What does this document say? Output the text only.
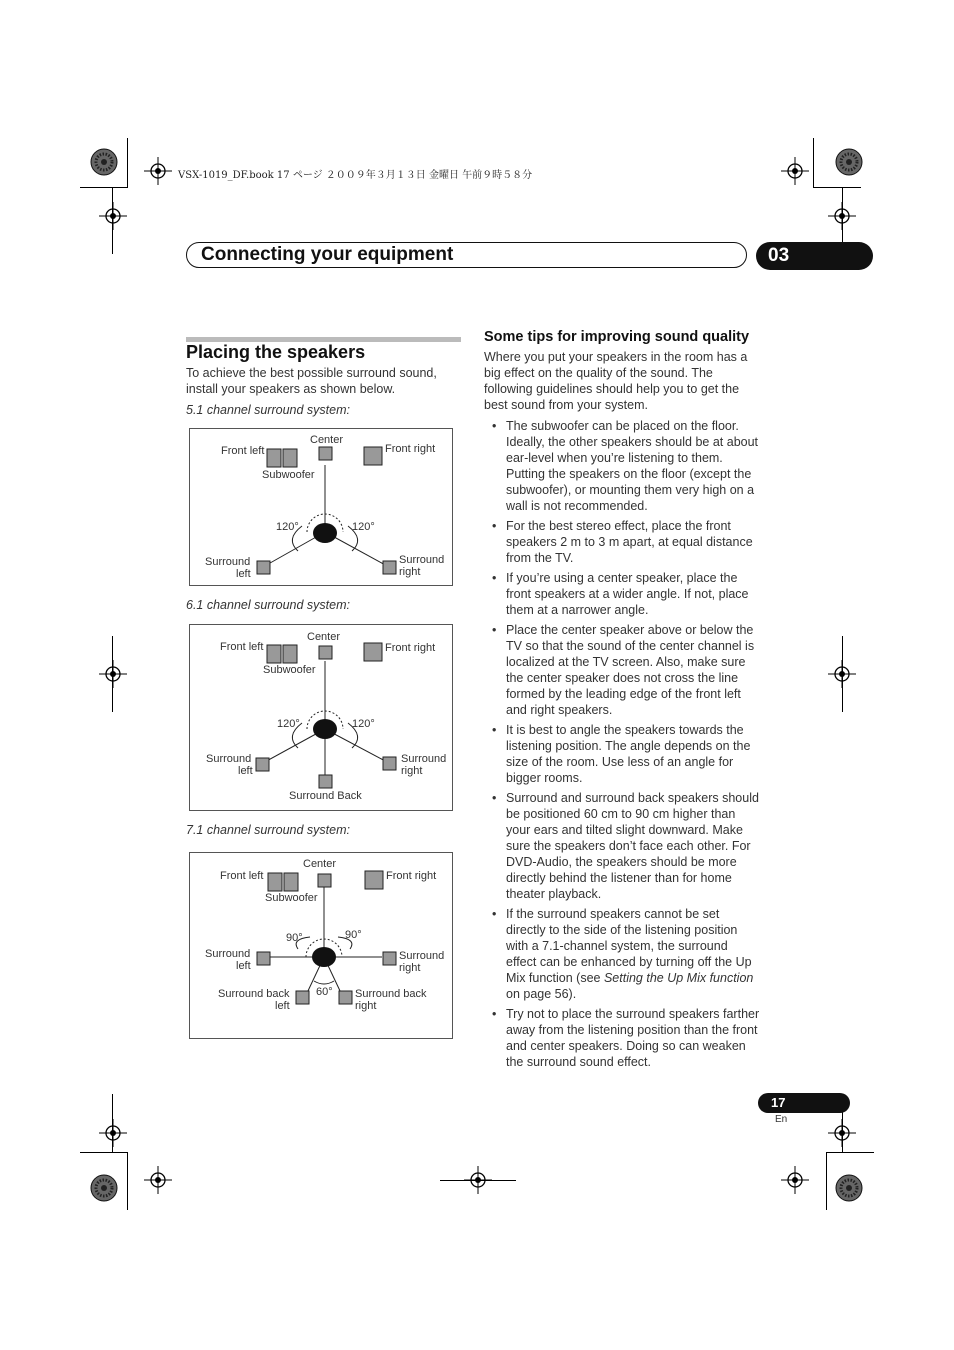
VSX-1019_DF.book 17 ページ ２００９年３月１３日 金曜日 午前９時５８分
Connecting your equipment	03
Placing the speakers
To achieve the best possible surround sound, install your speakers as shown below.
5.1 channel surround system:
Center
Front left	Front right
Subwoofer
120°	120°
Surround
left
Surround
right
6.1 channel surround system:
Center
Front left	Front right
Subwoofer
120°	120°
Surround
left
Surround
right
Surround Back
7.1 channel surround system:
Center
Front left	Front right
Subwoofer
90°	90°
60°
Surround
left
Surround
right
Surround back
left
Surround back
right
Some tips for improving sound quality
Where you put your speakers in the room has a big effect on the quality of the sound. The following guidelines should help you to get the best sound from your system.
• The subwoofer can be placed on the floor. Ideally, the other speakers should be at about ear-level when you’re listening to them. Putting the speakers on the floor (except the subwoofer), or mounting them very high on a wall is not recommended.
• For the best stereo effect, place the front speakers 2 m to 3 m apart, at equal distance from the TV.
• If you’re using a center speaker, place the front speakers at a wider angle. If not, place them at a narrower angle.
• Place the center speaker above or below the TV so that the sound of the center channel is localized at the TV screen. Also, make sure the center speaker does not cross the line formed by the leading edge of the front left and right speakers.
• It is best to angle the speakers towards the listening position. The angle depends on the size of the room. Use less of an angle for bigger rooms.
• Surround and surround back speakers should be positioned 60 cm to 90 cm higher than your ears and tilted slight downward. Make sure the speakers don’t face each other. For DVD-Audio, the speakers should be more directly behind the listener than for home theater playback.
• If the surround speakers cannot be set directly to the side of the listening position with a 7.1-channel system, the surround effect can be enhanced by turning off the Up Mix function (see Setting the Up Mix function on page 56).
• Try not to place the surround speakers farther away from the listening position than the front and center speakers. Doing so can weaken the surround sound effect.
17
En
